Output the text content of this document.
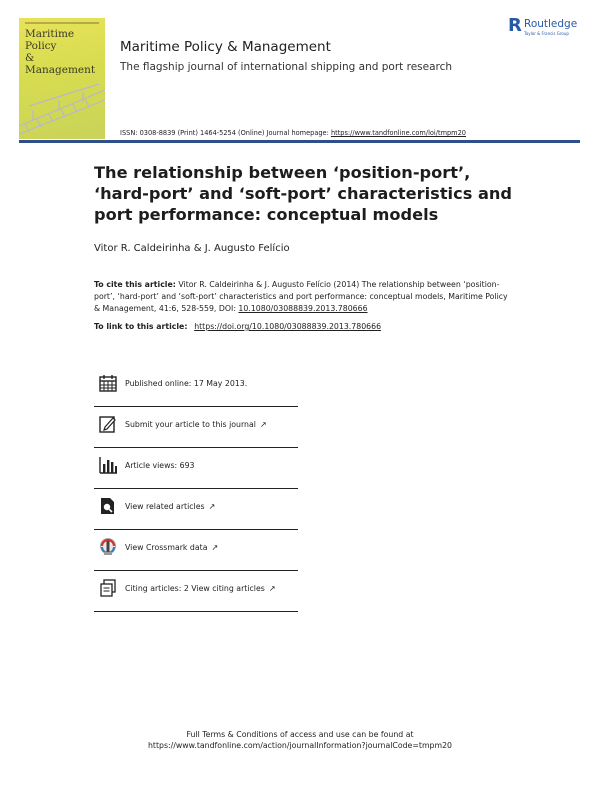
Maritime Policy
& Management
Maritime Policy & Management
The flagship journal of international shipping and port research
R Routledge
Taylor & Francis Group
ISSN: 0308-8839 (Print) 1464-5254 (Online) Journal homepage: https://www.tandfonline.com/loi/tmpm20
The relationship between ‘position-port’, ‘hard-port’ and ‘soft-port’ characteristics and port performance: conceptual models
Vitor R. Caldeirinha & J. Augusto Felício
To cite this article: Vitor R. Caldeirinha & J. Augusto Felício (2014) The relationship between ‘position-port’, ‘hard-port’ and ‘soft-port’ characteristics and port performance: conceptual models, Maritime Policy & Management, 41:6, 528-559, DOI: 10.1080/03088839.2013.780666
To link to this article: https://doi.org/10.1080/03088839.2013.780666
Published online: 17 May 2013.
Submit your article to this journal ↗
Article views: 693
View related articles ↗
View Crossmark data ↗
Citing articles: 2 View citing articles ↗
Full Terms & Conditions of access and use can be found at
https://www.tandfonline.com/action/journalInformation?journalCode=tmpm20
